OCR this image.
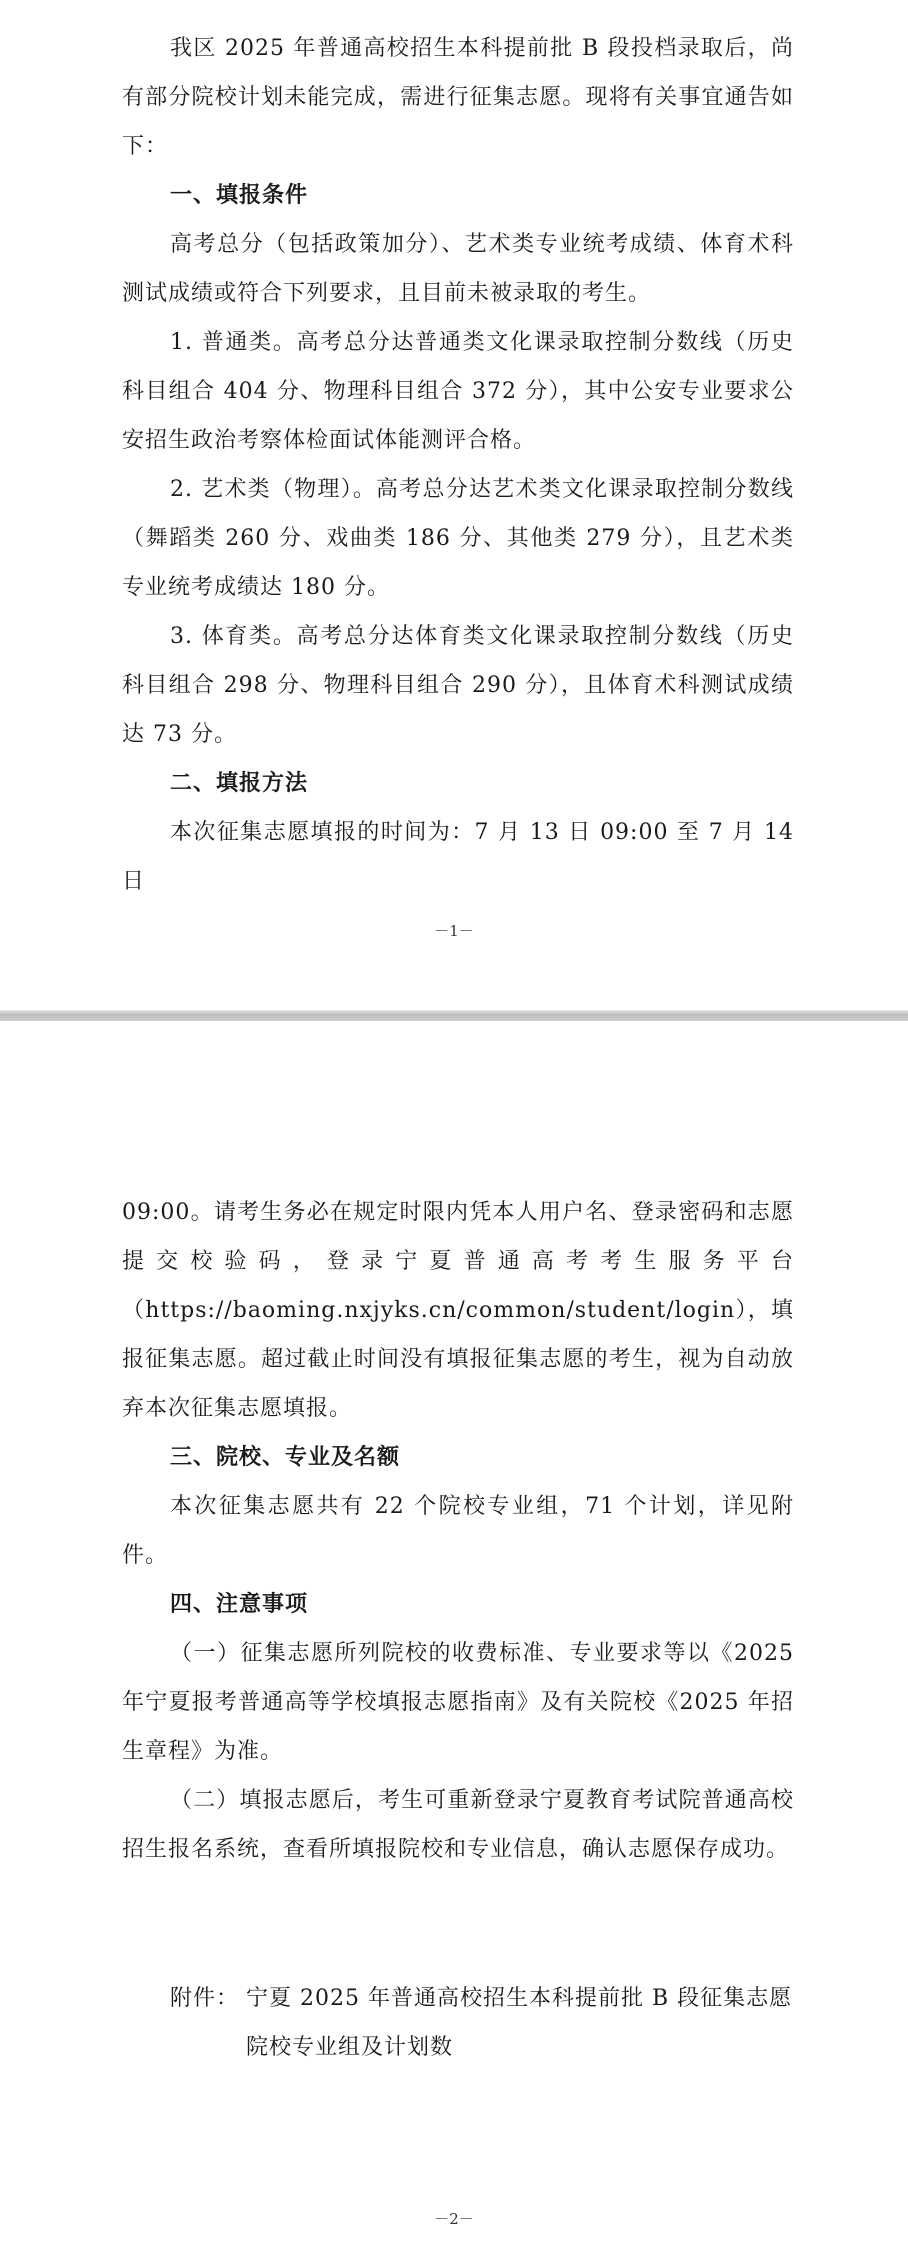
我区 2025 年普通高校招生本科提前批 B 段投档录取后，尚有部分院校计划未能完成，需进行征集志愿。现将有关事宜通告如下：

一、填报条件

高考总分（包括政策加分）、艺术类专业统考成绩、体育术科测试成绩或符合下列要求，且目前未被录取的考生。

1. 普通类。高考总分达普通类文化课录取控制分数线（历史科目组合 404 分、物理科目组合 372 分），其中公安专业要求公安招生政治考察体检面试体能测评合格。

2. 艺术类（物理）。高考总分达艺术类文化课录取控制分数线（舞蹈类 260 分、戏曲类 186 分、其他类 279 分），且艺术类专业统考成绩达 180 分。

3. 体育类。高考总分达体育类文化课录取控制分数线（历史科目组合 298 分、物理科目组合 290 分），且体育术科测试成绩达 73 分。

二、填报方法

本次征集志愿填报的时间为：7 月 13 日 09:00 至 7 月 14 日

－1－

09:00。请考生务必在规定时限内凭本人用户名、登录密码和志愿提交校验码，登录宁夏普通高考考生服务平台（https://baoming.nxjyks.cn/common/student/login），填报征集志愿。超过截止时间没有填报征集志愿的考生，视为自动放弃本次征集志愿填报。

三、院校、专业及名额

本次征集志愿共有 22 个院校专业组，71 个计划，详见附件。

四、注意事项

（一）征集志愿所列院校的收费标准、专业要求等以《2025 年宁夏报考普通高等学校填报志愿指南》及有关院校《2025 年招生章程》为准。

（二）填报志愿后，考生可重新登录宁夏教育考试院普通高校招生报名系统，查看所填报院校和专业信息，确认志愿保存成功。

附件： 宁夏 2025 年普通高校招生本科提前批 B 段征集志愿院校专业组及计划数
－2－
